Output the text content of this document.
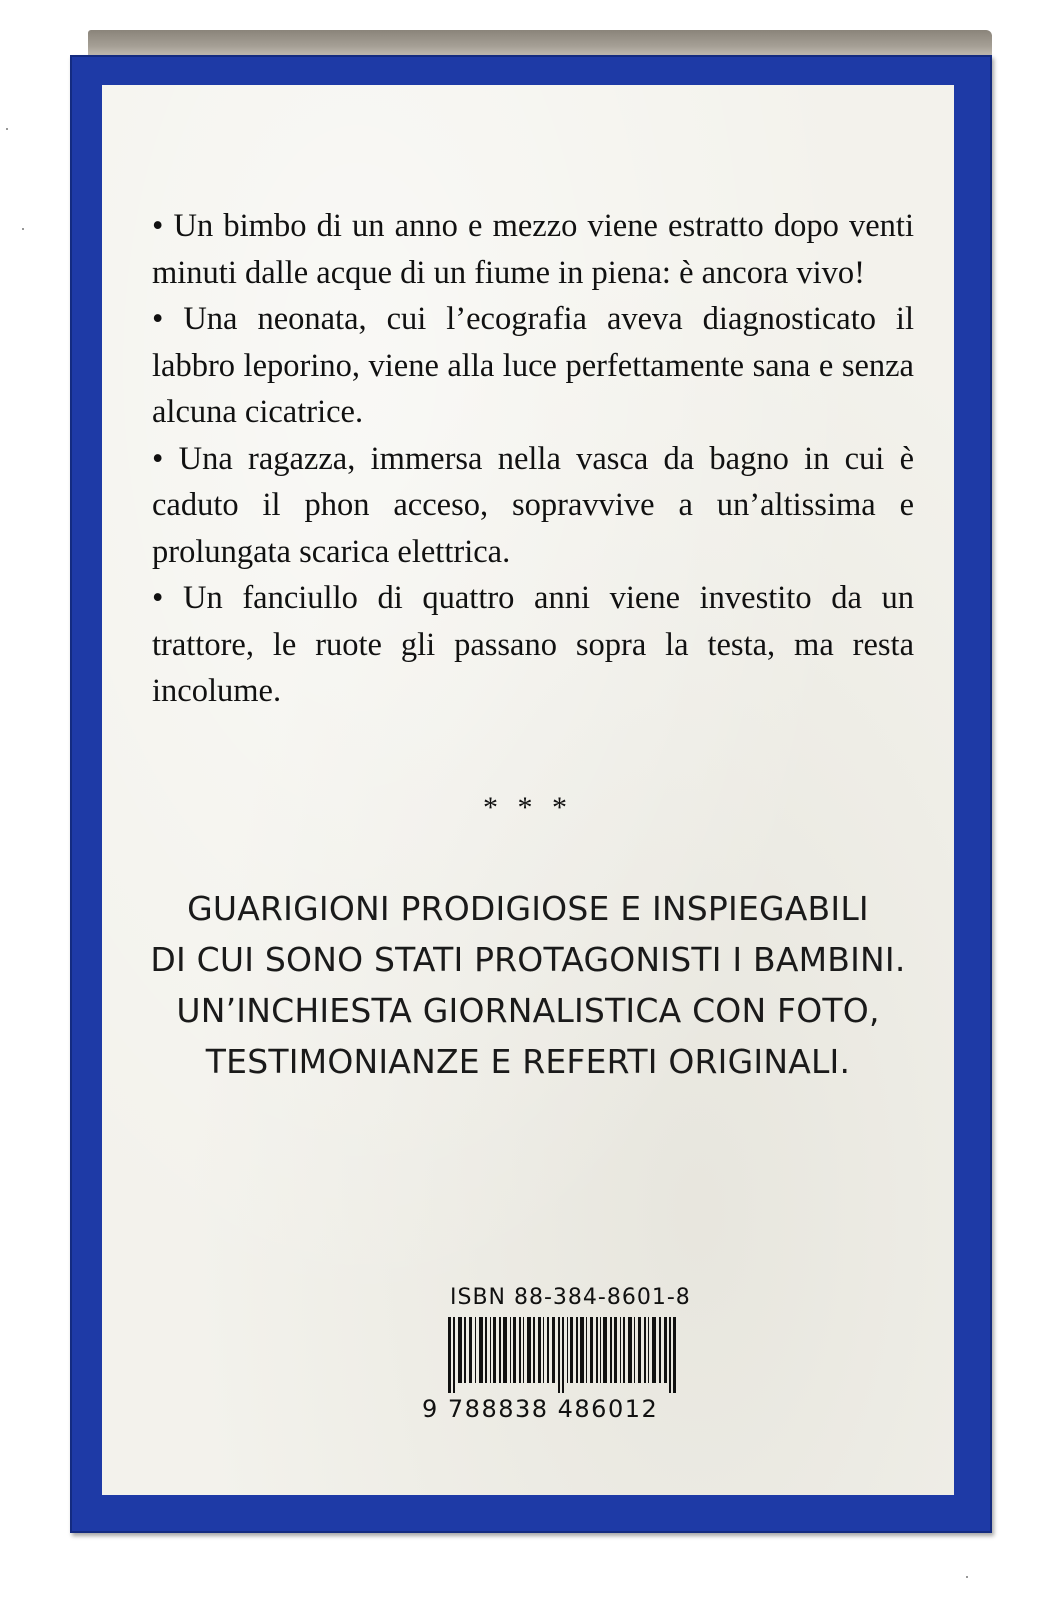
• Un bimbo di un anno e mezzo viene estratto dopo venti minuti dalle acque di un fiume in piena: è ancora vivo!

• Una neonata, cui l’ecografia aveva diagnosticato il labbro leporino, viene alla luce perfettamente sana e senza alcuna cicatrice.

• Una ragazza, immersa nella vasca da bagno in cui è caduto il phon acceso, sopravvive a un’altissima e prolungata scarica elettrica.

• Un fanciullo di quattro anni viene investito da un trattore, le ruote gli passano sopra la testa, ma resta incolume.

* * *
GUARIGIONI PRODIGIOSE E INSPIEGABILI
DI CUI SONO STATI PROTAGONISTI I BAMBINI.
UN’INCHIESTA GIORNALISTICA CON FOTO,
TESTIMONIANZE E REFERTI ORIGINALI.
ISBN 88-384-8601-8
9 788838 486012
